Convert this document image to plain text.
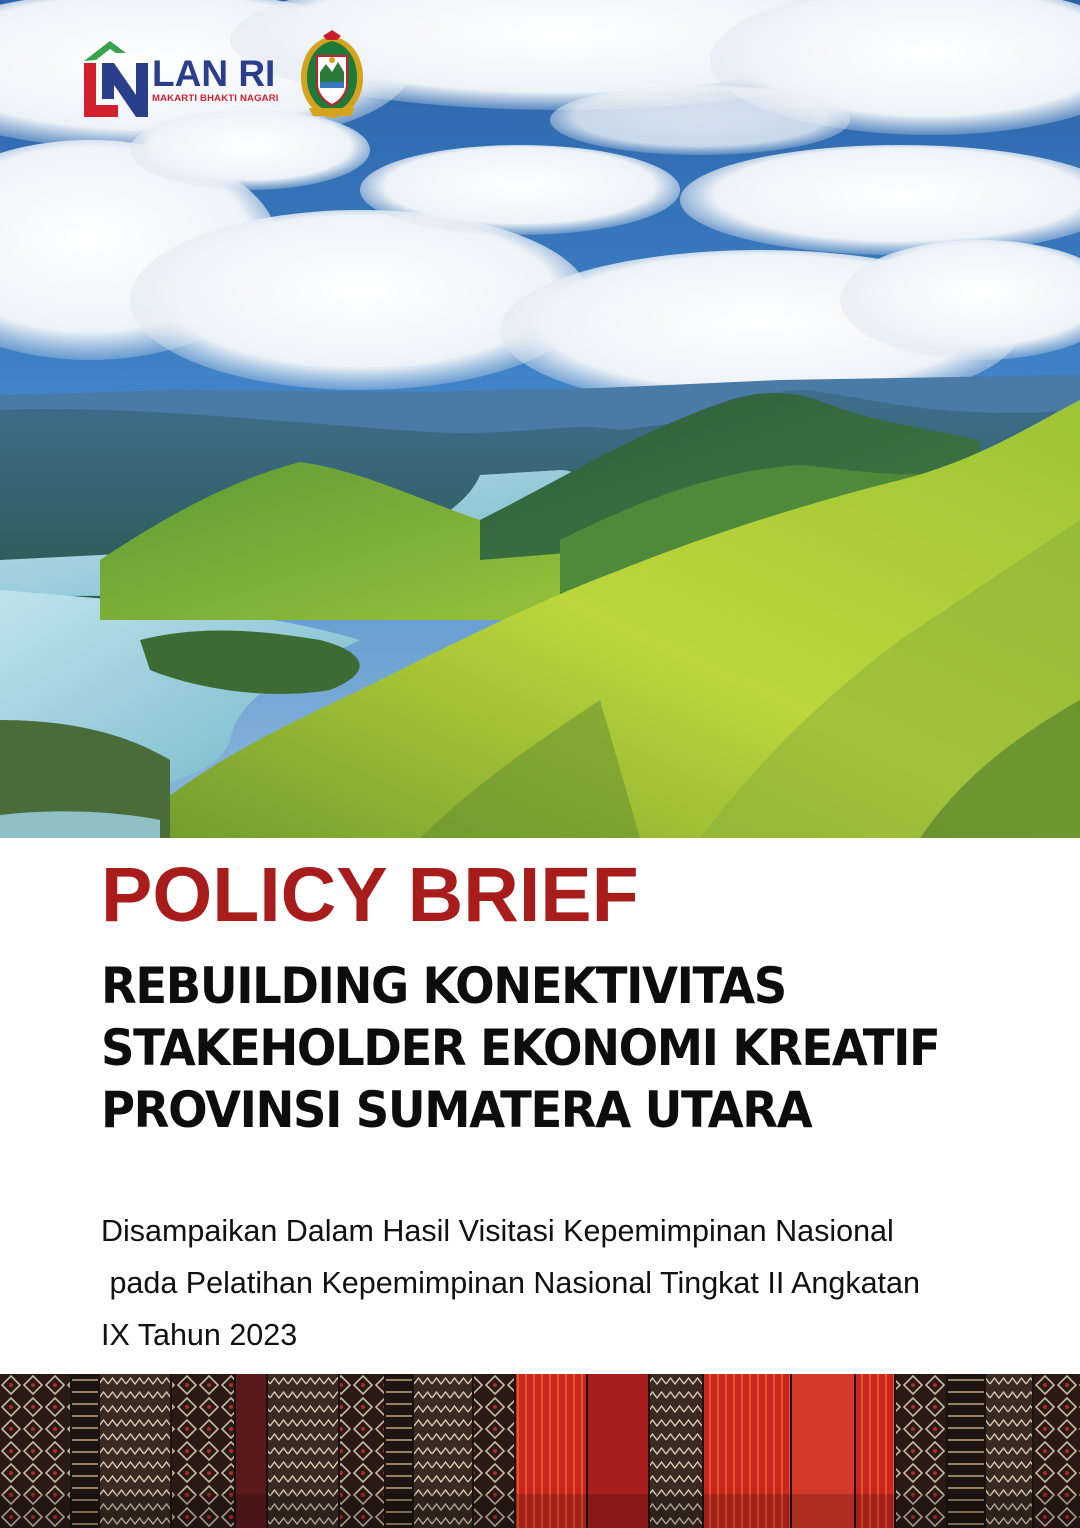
LAN RI
MAKARTI BHAKTI NAGARI
POLICY BRIEF
REBUILDING KONEKTIVITAS
STAKEHOLDER EKONOMI KREATIF
PROVINSI SUMATERA UTARA

Disampaikan Dalam Hasil Visitasi Kepemimpinan Nasional
pada Pelatihan Kepemimpinan Nasional Tingkat II Angkatan
IX Tahun 2023
